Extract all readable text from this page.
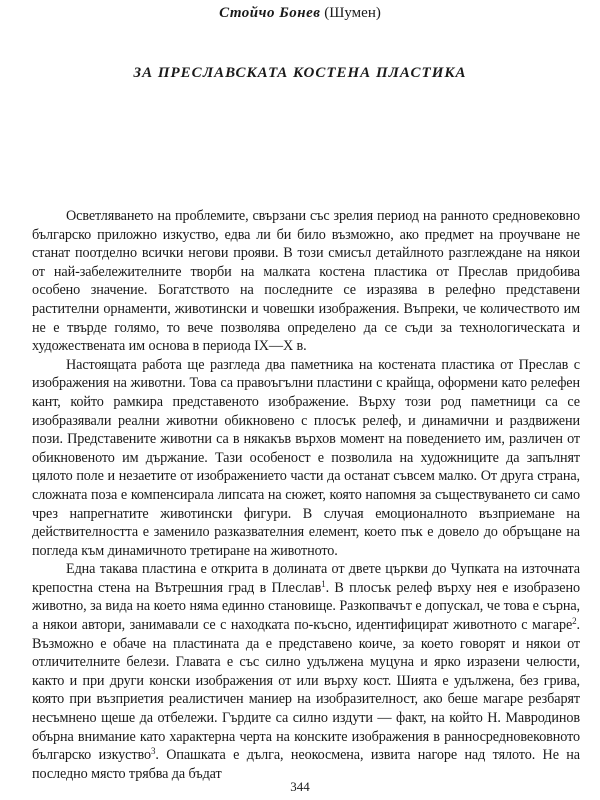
Стойчо Бонев (Шумен)
ЗА ПРЕСЛАВСКАТА КОСТЕНА ПЛАСТИКА

Осветляването на проблемите, свързани със зрелия период на ранното средновековно българско приложно изкуство, едва ли би било възможно, ако предмет на проучване не станат поотделно всички негови прояви. В този смисъл детайлното разглеждане на някои от най-забележителните творби на малката костена пластика от Преслав придобива особено значение. Богатството на последните се изразява в релефно представени растителни орнаменти, животински и човешки изображения. Въпреки, че количеството им не е твърде голямо, то вече позволява определено да се съди за технологическата и художествената им основа в периода IX—X в.

Настоящата работа ще разгледа два паметника на костената пластика от Преслав с изображения на животни. Това са правоъгълни пластини с крайща, оформени като релефен кант, който рамкира представеното изображение. Върху този род паметници са се изобразявали реални животни обикновено с плосък релеф, и динамични и раздвижени пози. Представените животни са в някакъв върхов момент на поведението им, различен от обикновеното им държание. Тази особеност е позволила на художниците да запълнят цялото поле и незаетите от изображението части да останат съвсем малко. От друга страна, сложната поза е компенсирала липсата на сюжет, която напомня за съществуването си само чрез напрегнатите животински фигури. В случая емоционалното възприемане на действителността е заменило разказвателния елемент, което пък е довело до обръщане на погледа към динамичното третиране на животното.

Една такава пластина е открита в долината от двете църкви до Чупката на източната крепостна стена на Вътрешния град в Плеслав$^1$. В плосък релеф върху нея е изобразено животно, за вида на което няма единно становище. Разкопвачът е допускал, че това е сърна, а някои автори, занимавали се с находката по-късно, идентифицират животното с магаре$^2$. Възможно е обаче на пластината да е представено коиче, за което говорят и някои от отличителните белези. Главата е със силно удължена муцуна и ярко изразени челюсти, както и при други конски изображения от или върху кост. Шията е удължена, без грива, която при възприетия реалистичен маниер на изобразителност, ако беше магаре резбарят несъмнено щеше да отбележи. Гърдите са силно издути — факт, на който Н. Мавродинов обърна внимание като характерна черта на конските изображения в ранносредновековното българско изкуство$^3$. Опашката е дълга, неокосмена, извита нагоре над тялото. Не на последно място трябва да бъдат

344
